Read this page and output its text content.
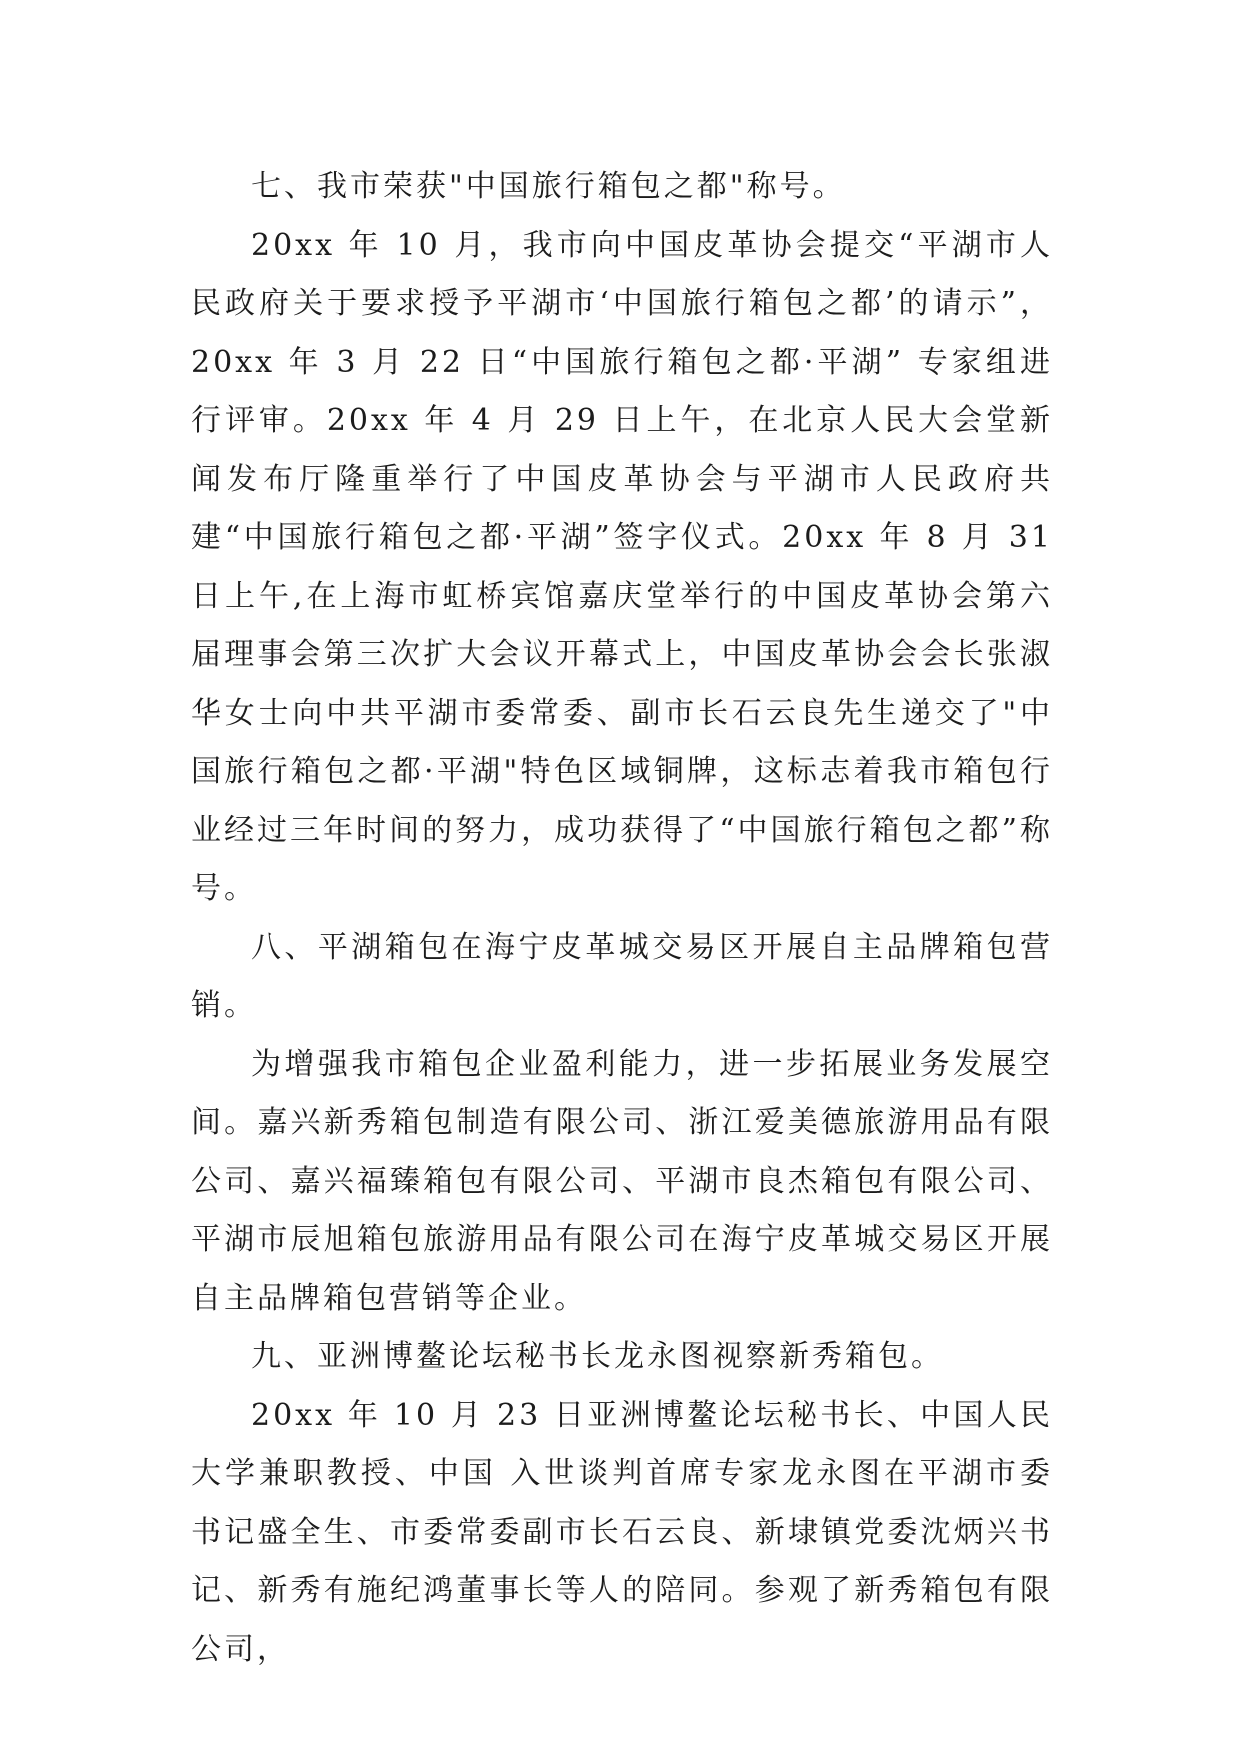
七、我市荣获"中国旅行箱包之都"称号。

20xx 年 10 月，我市向中国皮革协会提交“平湖市人民政府关于要求授予平湖市‘中国旅行箱包之都’的请示”，20xx 年 3 月 22 日“中国旅行箱包之都·平湖” 专家组进行评审。20xx 年 4 月 29 日上午，在北京人民大会堂新闻发布厅隆重举行了中国皮革协会与平湖市人民政府共建“中国旅行箱包之都·平湖”签字仪式。20xx 年 8 月 31 日上午,在上海市虹桥宾馆嘉庆堂举行的中国皮革协会第六届理事会第三次扩大会议开幕式上，中国皮革协会会长张淑华女士向中共平湖市委常委、副市长石云良先生递交了"中国旅行箱包之都·平湖"特色区域铜牌，这标志着我市箱包行业经过三年时间的努力，成功获得了“中国旅行箱包之都”称号。

八、平湖箱包在海宁皮革城交易区开展自主品牌箱包营销。

为增强我市箱包企业盈利能力，进一步拓展业务发展空间。嘉兴新秀箱包制造有限公司、浙江爱美德旅游用品有限公司、嘉兴福臻箱包有限公司、平湖市良杰箱包有限公司、平湖市辰旭箱包旅游用品有限公司在海宁皮革城交易区开展自主品牌箱包营销等企业。

九、亚洲博鳌论坛秘书长龙永图视察新秀箱包。

20xx 年 10 月 23 日亚洲博鳌论坛秘书长、中国人民大学兼职教授、中国 入世谈判首席专家龙永图在平湖市委书记盛全生、市委常委副市长石云良、新埭镇党委沈炳兴书记、新秀有施纪鸿董事长等人的陪同。参观了新秀箱包有限公司，
